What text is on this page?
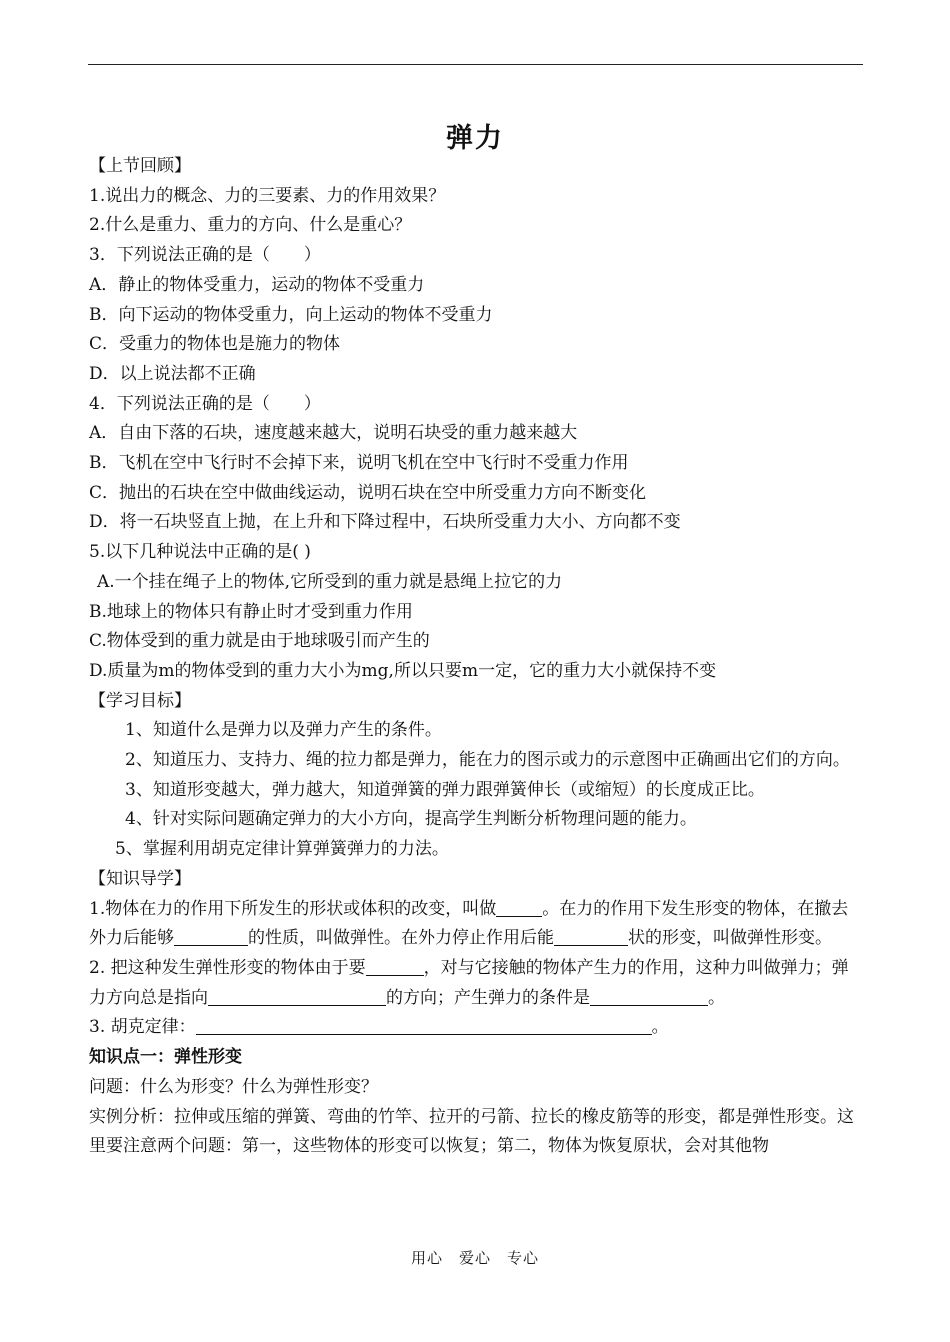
弹力

【上节回顾】

1.说出力的概念、力的三要素、力的作用效果？

2.什么是重力、重力的方向、什么是重心？

3．下列说法正确的是（　　）

A．静止的物体受重力，运动的物体不受重力

B．向下运动的物体受重力，向上运动的物体不受重力

C．受重力的物体也是施力的物体

D．以上说法都不正确

4．下列说法正确的是（　　）

A．自由下落的石块，速度越来越大，说明石块受的重力越来越大

B．飞机在空中飞行时不会掉下来，说明飞机在空中飞行时不受重力作用

C．抛出的石块在空中做曲线运动，说明石块在空中所受重力方向不断变化

D．将一石块竖直上抛，在上升和下降过程中，石块所受重力大小、方向都不变

5.以下几种说法中正确的是( )

A.一个挂在绳子上的物体,它所受到的重力就是悬绳上拉它的力

B.地球上的物体只有静止时才受到重力作用

C.物体受到的重力就是由于地球吸引而产生的

D.质量为m的物体受到的重力大小为mg,所以只要m一定，它的重力大小就保持不变

【学习目标】

1、知道什么是弹力以及弹力产生的条件。

2、知道压力、支持力、绳的拉力都是弹力，能在力的图示或力的示意图中正确画出它们的方向。

3、知道形变越大，弹力越大，知道弹簧的弹力跟弹簧伸长（或缩短）的长度成正比。

4、针对实际问题确定弹力的大小方向，提高学生判断分析物理问题的能力。

5、掌握利用胡克定律计算弹簧弹力的力法。

【知识导学】

1.物体在力的作用下所发生的形状或体积的改变，叫做	。在力的作用下发生形变的物体，在撤去外力后能够	的性质，叫做弹性。在外力停止作用后能	状的形变，叫做弹性形变。

2. 把这种发生弹性形变的物体由于要	，对与它接触的物体产生力的作用，这种力叫做弹力；弹力方向总是指向	的方向；产生弹力的条件是	。

3. 胡克定律：	。

知识点一：弹性形变

问题：什么为形变？什么为弹性形变？

实例分析：拉伸或压缩的弹簧、弯曲的竹竿、拉开的弓箭、拉长的橡皮筋等的形变，都是弹性形变。这里要注意两个问题：第一，这些物体的形变可以恢复；第二，物体为恢复原状，会对其他物

用心　爱心　专心
